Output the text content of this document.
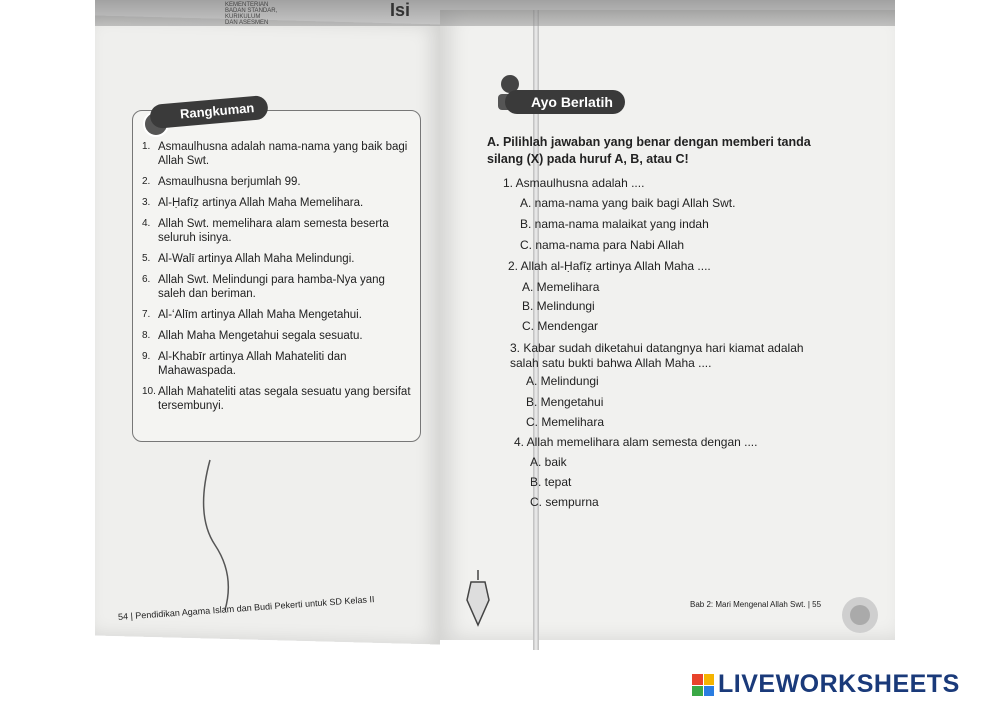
Isi
KEMENTERIAN
BADAN STANDAR, KURIKULUM
DAN ASESMEN
Rangkuman
1. Asmaulhusna adalah nama-nama yang baik bagi Allah Swt.
2. Asmaulhusna berjumlah 99.
3. Al-Ḥafīẓ artinya Allah Maha Memelihara.
4. Allah Swt. memelihara alam semesta beserta seluruh isinya.
5. Al-Walī artinya Allah Maha Melindungi.
6. Allah Swt. Melindungi para hamba-Nya yang saleh dan beriman.
7. Al-‘Alīm artinya Allah Maha Mengetahui.
8. Allah Maha Mengetahui segala sesuatu.
9. Al-Khabīr artinya Allah Mahateliti dan Mahawaspada.
10. Allah Mahateliti atas segala sesuatu yang bersifat tersembunyi.
54 | Pendidikan Agama Islam dan Budi Pekerti untuk SD Kelas II
Ayo Berlatih
A. Pilihlah jawaban yang benar dengan memberi tanda silang (X) pada huruf A, B, atau C!
1. Asmaulhusna adalah ....
A. nama-nama yang baik bagi Allah Swt.
B. nama-nama malaikat yang indah
C. nama-nama para Nabi Allah
2. Allah al-Ḥafīẓ artinya Allah Maha ....
A. Memelihara
B. Melindungi
C. Mendengar
3. Kabar sudah diketahui datangnya hari kiamat adalah salah satu bukti bahwa Allah Maha ....
A. Melindungi
B. Mengetahui
C. Memelihara
4. Allah memelihara alam semesta dengan ....
A. baik
B. tepat
C. sempurna
Bab 2: Mari Mengenal Allah Swt. | 55
LIVEWORKSHEETS
